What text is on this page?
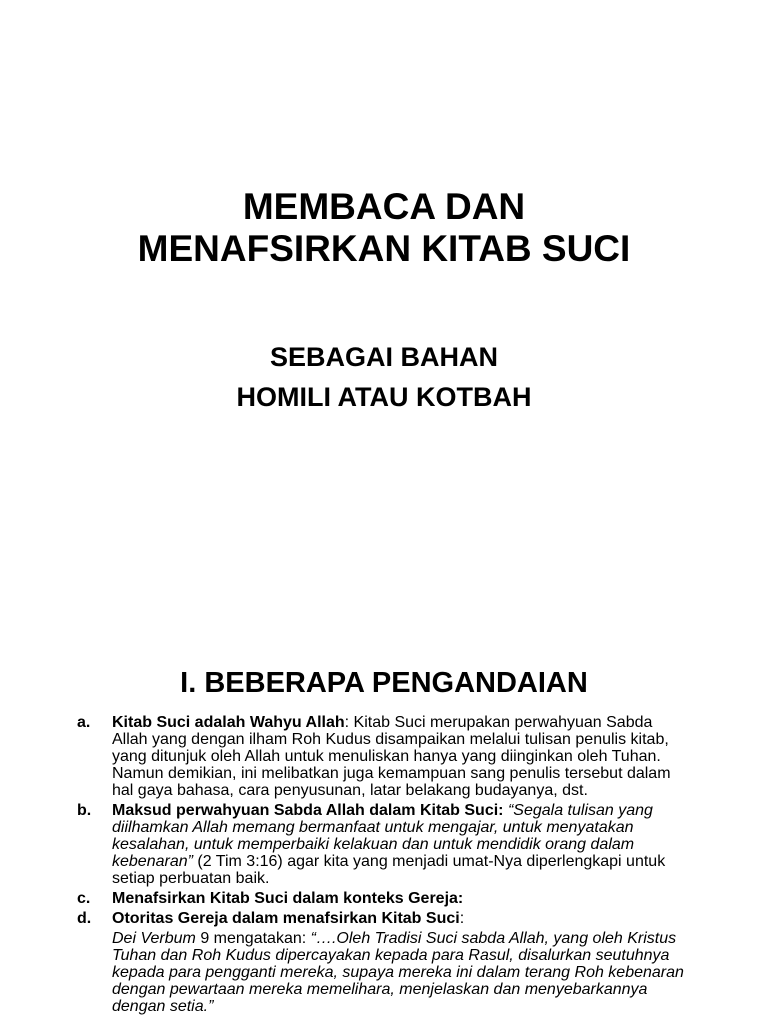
MEMBACA DAN

MENAFSIRKAN KITAB SUCI

SEBAGAI BAHAN

HOMILI ATAU KOTBAH

I. BEBERAPA PENGANDAIAN
a. Kitab Suci adalah Wahyu Allah: Kitab Suci merupakan perwahyuan Sabda Allah yang dengan ilham Roh Kudus disampaikan melalui tulisan penulis kitab, yang ditunjuk oleh Allah untuk menuliskan hanya yang diinginkan oleh Tuhan. Namun demikian, ini melibatkan juga kemampuan sang penulis tersebut dalam hal gaya bahasa, cara penyusunan, latar belakang budayanya, dst.
b. Maksud perwahyuan Sabda Allah dalam Kitab Suci: “Segala tulisan yang diilhamkan Allah memang bermanfaat untuk mengajar, untuk menyatakan kesalahan, untuk memperbaiki kelakuan dan untuk mendidik orang dalam kebenaran” (2 Tim 3:16) agar kita yang menjadi umat-Nya diperlengkapi untuk setiap perbuatan baik.
c. Menafsirkan Kitab Suci dalam konteks Gereja:
d. Otoritas Gereja dalam menafsirkan Kitab Suci:
Dei Verbum 9 mengatakan: “….Oleh Tradisi Suci sabda Allah, yang oleh Kristus Tuhan dan Roh Kudus dipercayakan kepada para Rasul, disalurkan seutuhnya kepada para pengganti mereka, supaya mereka ini dalam terang Roh kebenaran dengan pewartaan mereka memelihara, menjelaskan dan menyebarkannya dengan setia.”
